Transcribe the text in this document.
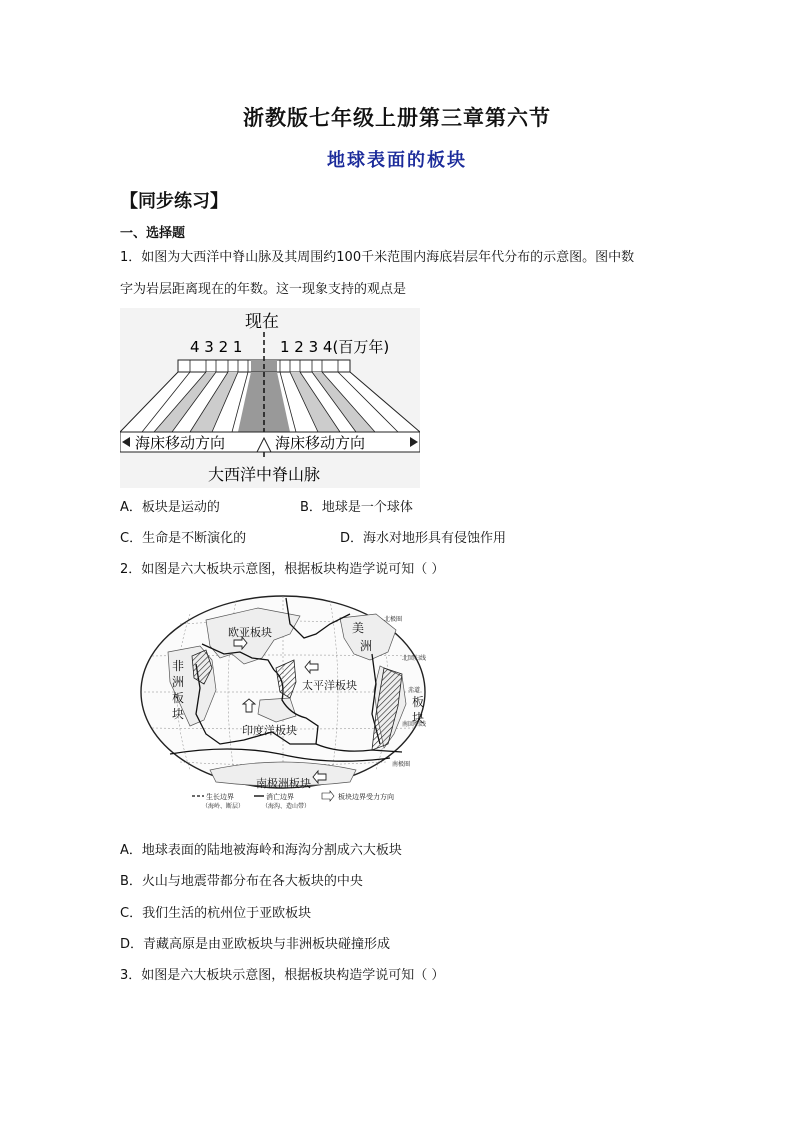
浙教版七年级上册第三章第六节
地球表面的板块
【同步练习】
一、选择题
1．如图为大西洋中脊山脉及其周围约100千米范围内海底岩层年代分布的示意图。图中数
字为岩层距离现在的年数。这一现象支持的观点是
现在
4 3 2 1	1 2 3 4(百万年)
海床移动方向	海床移动方向
大西洋中脊山脉
A．板块是运动的	B．地球是一个球体
C．生命是不断演化的	D．海水对地形具有侵蚀作用
2．如图是六大板块示意图，根据板块构造学说可知（ ）
欧亚板块	美
洲
非
洲
板
块
太平洋板块
印度洋板块
南极洲板块
板
块
北极圈
北回归线
赤道
南回归线
南极圈
生长边界
（海岭、断层）
消亡边界
（海沟、造山带）
板块边界受力方向
A．地球表面的陆地被海岭和海沟分割成六大板块
B．火山与地震带都分布在各大板块的中央
C．我们生活的杭州位于亚欧板块
D．青藏高原是由亚欧板块与非洲板块碰撞形成
3．如图是六大板块示意图，根据板块构造学说可知（ ）
